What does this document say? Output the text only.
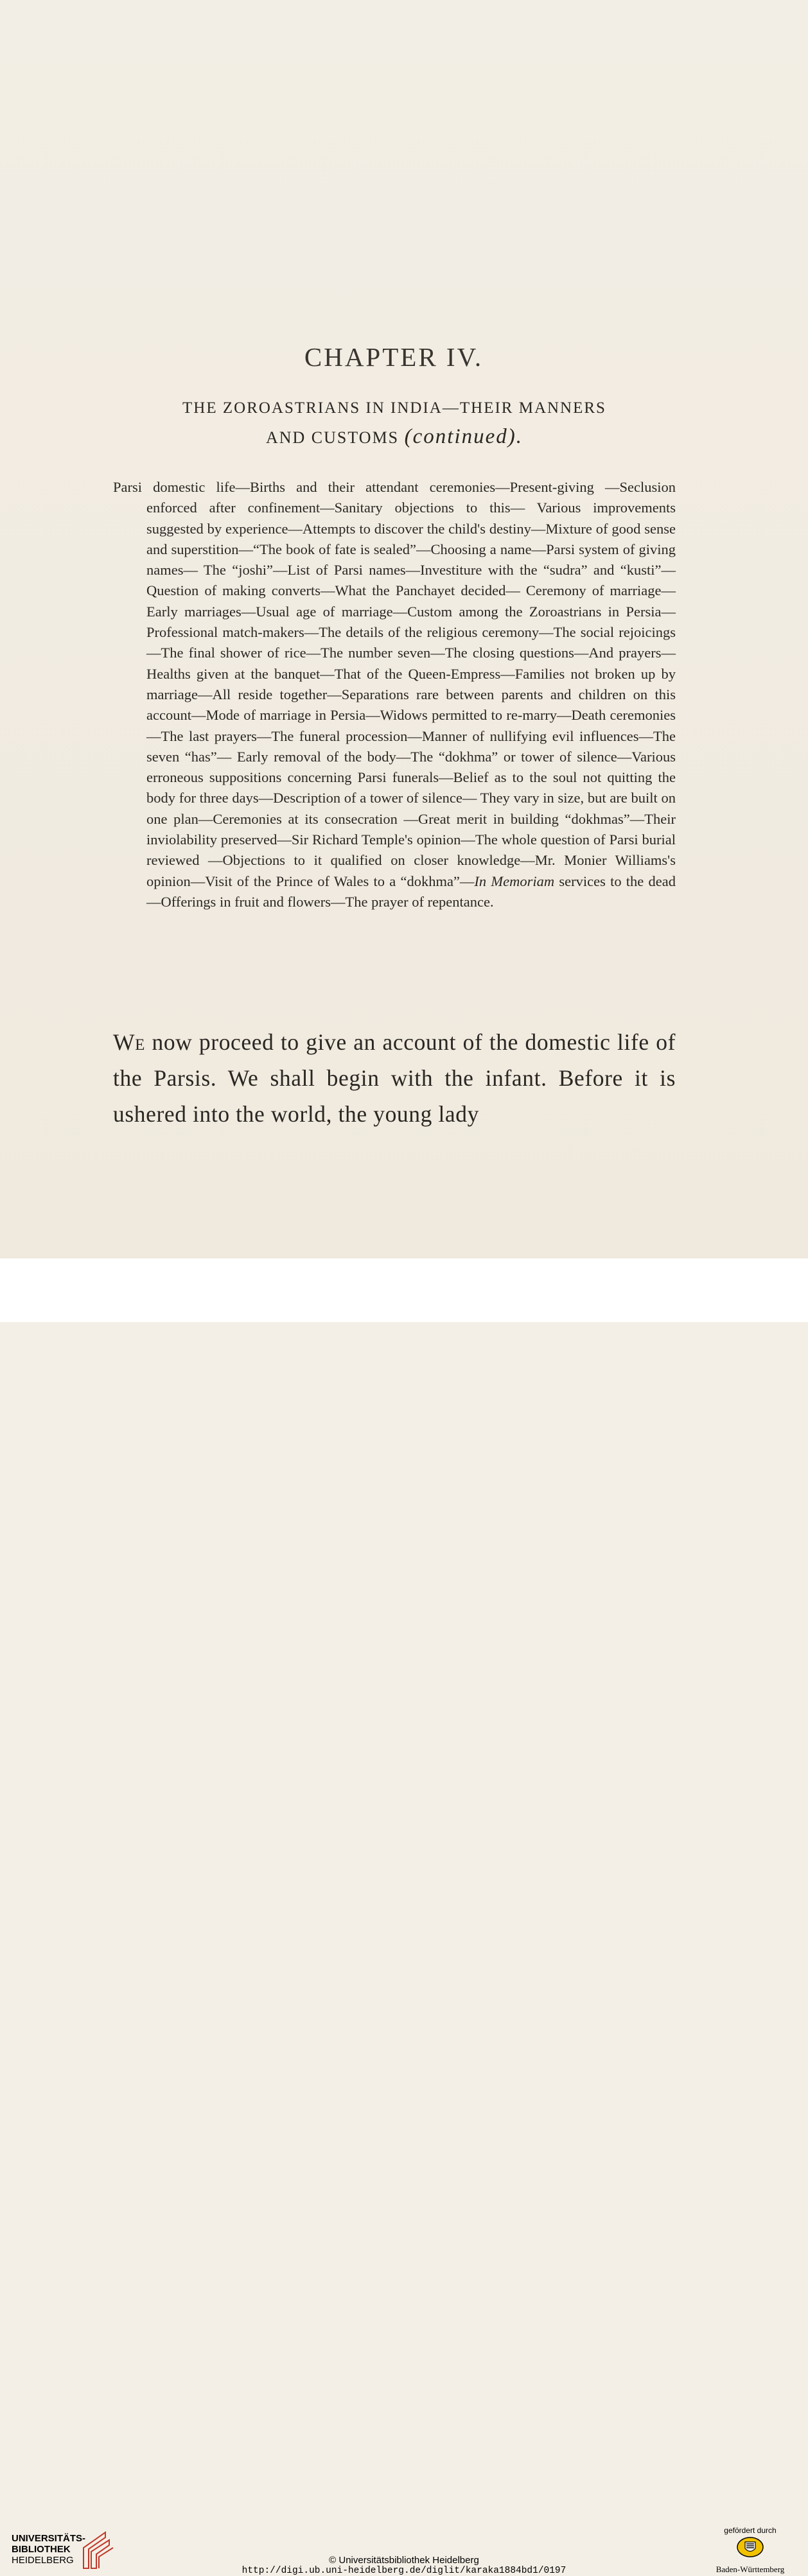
CHAPTER IV.
THE ZOROASTRIANS IN INDIA—THEIR MANNERS
AND CUSTOMS (continued).
Parsi domestic life—Births and their attendant ceremonies—Present-giving —Seclusion enforced after confinement—Sanitary objections to this— Various improvements suggested by experience—Attempts to discover the child's destiny—Mixture of good sense and superstition—“The book of fate is sealed”—Choosing a name—Parsi system of giving names— The “joshi”—List of Parsi names—Investiture with the “sudra” and “kusti”—Question of making converts—What the Panchayet decided— Ceremony of marriage—Early marriages—Usual age of marriage—Custom among the Zoroastrians in Persia—Professional match-makers—The details of the religious ceremony—The social rejoicings—The final shower of rice—The number seven—The closing questions—And prayers—Healths given at the banquet—That of the Queen-Empress—Families not broken up by marriage—All reside together—Separations rare between parents and children on this account—Mode of marriage in Persia—Widows permitted to re-marry—Death ceremonies—The last prayers—The funeral procession—Manner of nullifying evil influences—The seven “has”— Early removal of the body—The “dokhma” or tower of silence—Various erroneous suppositions concerning Parsi funerals—Belief as to the soul not quitting the body for three days—Description of a tower of silence— They vary in size, but are built on one plan—Ceremonies at its consecration —Great merit in building “dokhmas”—Their inviolability preserved—Sir Richard Temple's opinion—The whole question of Parsi burial reviewed —Objections to it qualified on closer knowledge—Mr. Monier Williams's opinion—Visit of the Prince of Wales to a “dokhma”—In Memoriam services to the dead—Offerings in fruit and flowers—The prayer of repentance.
We now proceed to give an account of the domestic life of the Parsis. We shall begin with the infant. Before it is ushered into the world, the young lady
UNIVERSITÄTS-
BIBLIOTHEK
HEIDELBERG	© Universitätsbibliothek Heidelberg
http://digi.ub.uni-heidelberg.de/diglit/karaka1884bd1/0197
gefördert durch
Baden-Württemberg
